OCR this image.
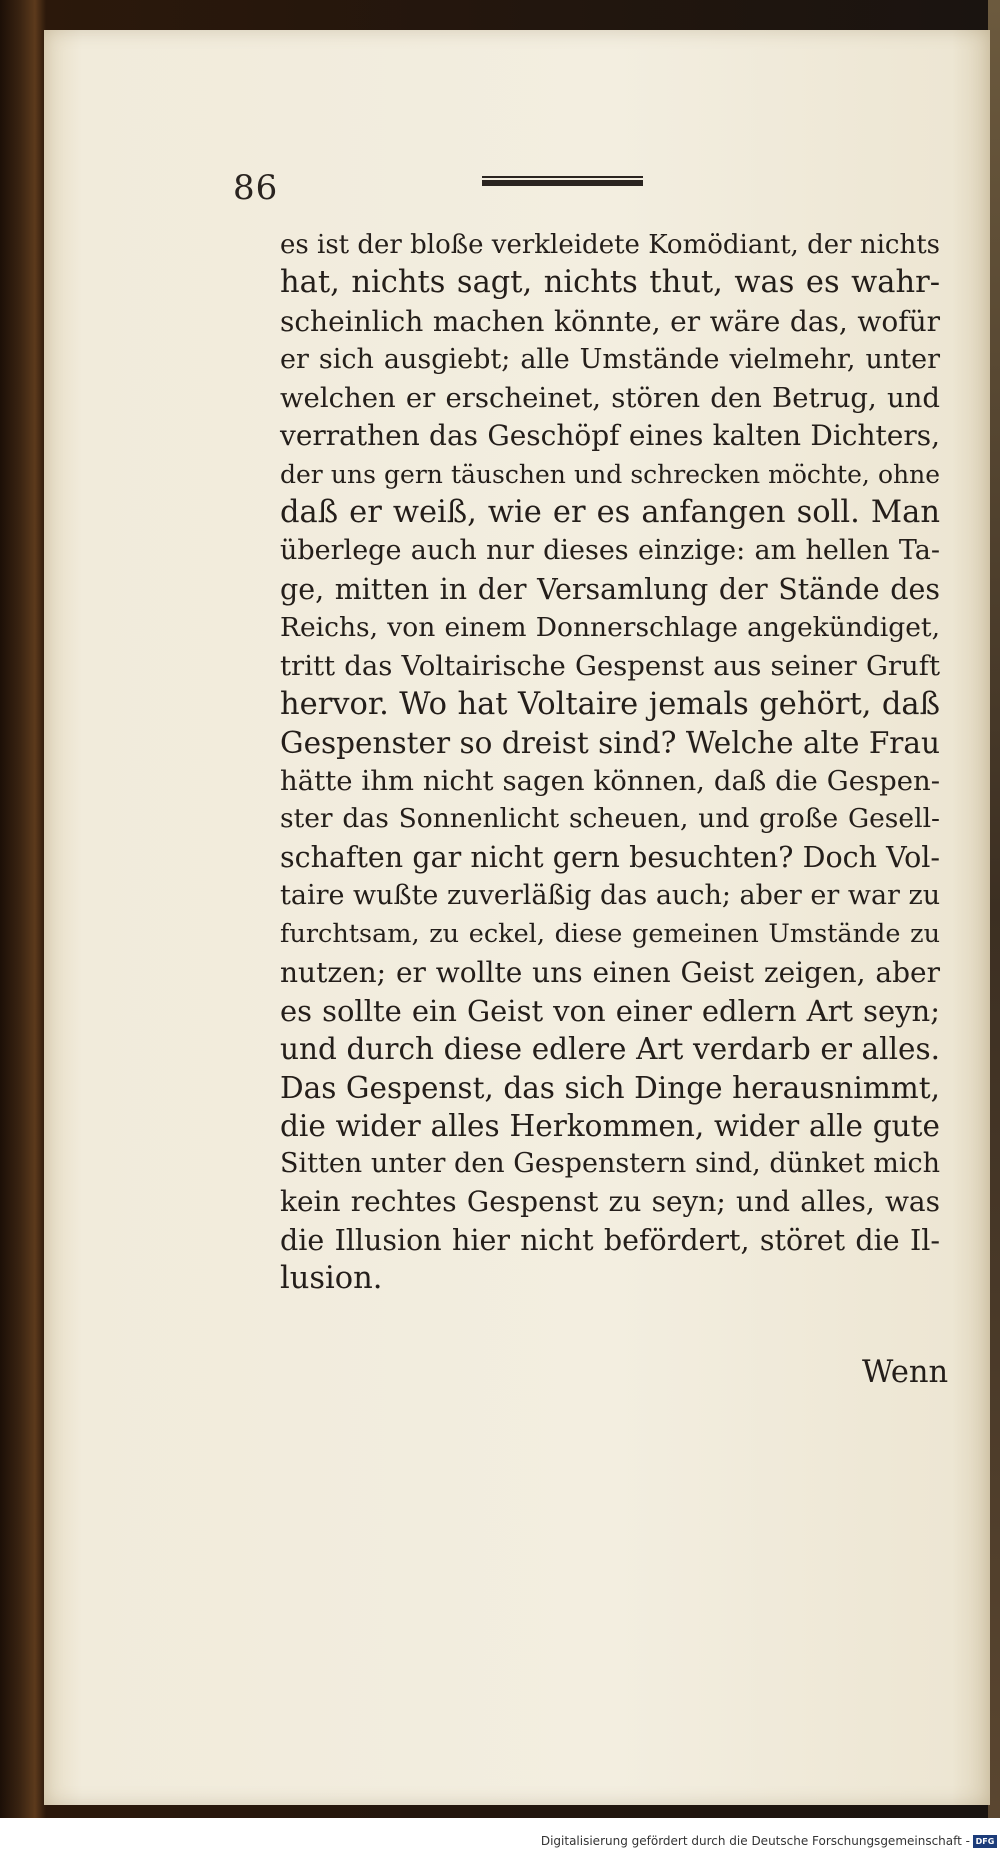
86
es ist der bloße verkleidete Komödiant, der nichts
hat, nichts sagt, nichts thut, was es wahr-
scheinlich machen könnte, er wäre das, wofür
er sich ausgiebt; alle Umstände vielmehr, unter
welchen er erscheinet, stören den Betrug, und
verrathen das Geschöpf eines kalten Dichters,
der uns gern täuschen und schrecken möchte, ohne
daß er weiß, wie er es anfangen soll. Man
überlege auch nur dieses einzige: am hellen Ta-
ge, mitten in der Versamlung der Stände des
Reichs, von einem Donnerschlage angekündiget,
tritt das Voltairische Gespenst aus seiner Gruft
hervor. Wo hat Voltaire jemals gehört, daß
Gespenster so dreist sind? Welche alte Frau
hätte ihm nicht sagen können, daß die Gespen-
ster das Sonnenlicht scheuen, und große Gesell-
schaften gar nicht gern besuchten? Doch Vol-
taire wußte zuverläßig das auch; aber er war zu
furchtsam, zu eckel, diese gemeinen Umstände zu
nutzen; er wollte uns einen Geist zeigen, aber
es sollte ein Geist von einer edlern Art seyn;
und durch diese edlere Art verdarb er alles.
Das Gespenst, das sich Dinge herausnimmt,
die wider alles Herkommen, wider alle gute
Sitten unter den Gespenstern sind, dünket mich
kein rechtes Gespenst zu seyn; und alles, was
die Illusion hier nicht befördert, störet die Il-
lusion.
Wenn
Digitalisierung gefördert durch die Deutsche Forschungsgemeinschaft - DFG
